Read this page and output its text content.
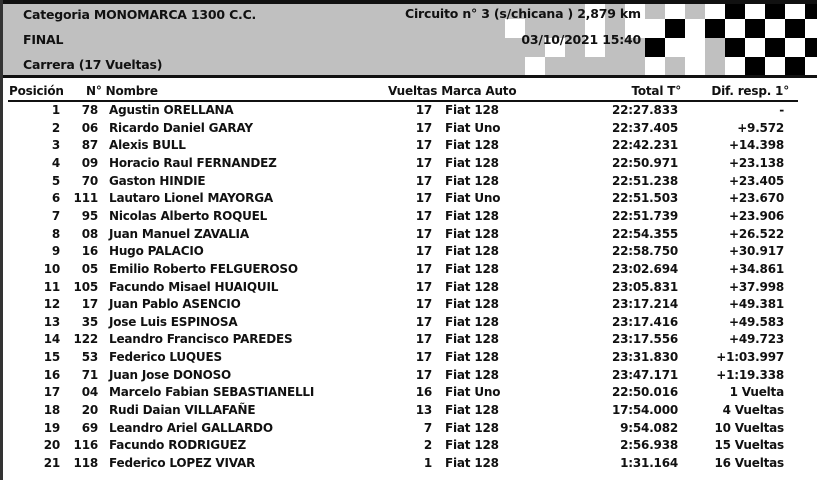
Categoria MONOMARCA 1300 C.C.
FINAL
Carrera (17 Vueltas)
Circuito n° 3 (s/chicana ) 2,879 km
03/10/2021 15:40
Posición N° Nombre	Vueltas Marca Auto	Total T°	Dif. resp. 1°
1 78 Agustin ORELLANA	17 Fiat 128	22:27.833	-
2 06 Ricardo Daniel GARAY	17 Fiat Uno	22:37.405	+9.572
3 87 Alexis BULL	17 Fiat 128	22:42.231	+14.398
4 09 Horacio Raul FERNANDEZ	17 Fiat 128	22:50.971	+23.138
5 70 Gaston HINDIE	17 Fiat 128	22:51.238	+23.405
6 111 Lautaro Lionel MAYORGA	17 Fiat Uno	22:51.503	+23.670
7 95 Nicolas Alberto ROQUEL	17 Fiat 128	22:51.739	+23.906
8 08 Juan Manuel ZAVALIA	17 Fiat 128	22:54.355	+26.522
9 16 Hugo PALACIO	17 Fiat 128	22:58.750	+30.917
10 05 Emilio Roberto FELGUEROSO	17 Fiat 128	23:02.694	+34.861
11 105 Facundo Misael HUAIQUIL	17 Fiat 128	23:05.831	+37.998
12 17 Juan Pablo ASENCIO	17 Fiat 128	23:17.214	+49.381
13 35 Jose Luis ESPINOSA	17 Fiat 128	23:17.416	+49.583
14 122 Leandro Francisco PAREDES	17 Fiat 128	23:17.556	+49.723
15 53 Federico LUQUES	17 Fiat 128	23:31.830	+1:03.997
16 71 Juan Jose DONOSO	17 Fiat 128	23:47.171	+1:19.338
17 04 Marcelo Fabian SEBASTIANELLI	16 Fiat Uno	22:50.016	1 Vuelta
18 20 Rudi Daian VILLAFAÑE	13 Fiat 128	17:54.000	4 Vueltas
19 69 Leandro Ariel GALLARDO	7 Fiat 128	9:54.082	10 Vueltas
20 116 Facundo RODRIGUEZ	2 Fiat 128	2:56.938	15 Vueltas
21 118 Federico LOPEZ VIVAR	1 Fiat 128	1:31.164	16 Vueltas
